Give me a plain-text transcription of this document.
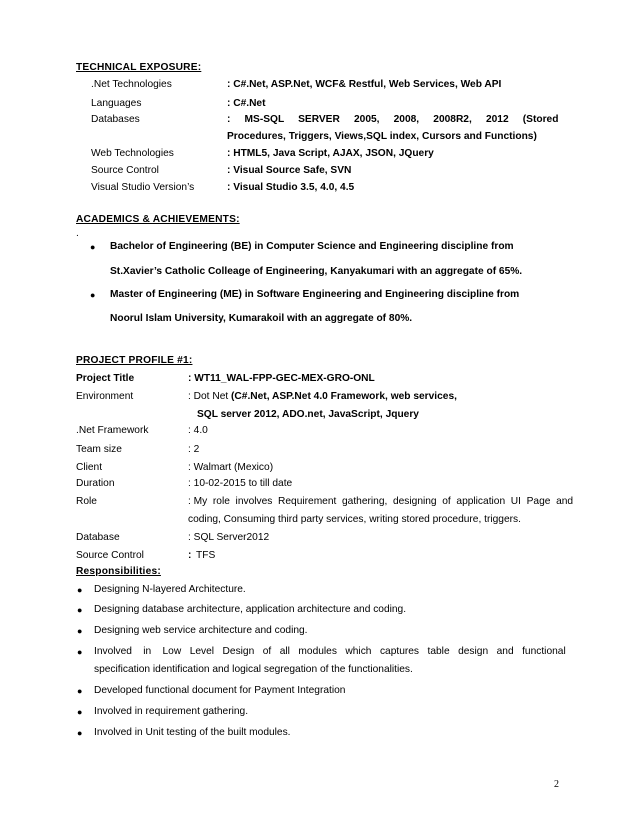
TECHNICAL EXPOSURE:
.Net Technologies	: C#.Net, ASP.Net, WCF& Restful, Web Services, Web API
Languages	: C#.Net
Databases	:     MS-SQL     SERVER     2005,     2008,     2008R2,     2012     (Stored
Procedures, Triggers, Views,SQL index, Cursors and Functions)
Web Technologies	: HTML5, Java Script, AJAX, JSON, JQuery
Source Control	: Visual Source Safe, SVN
Visual Studio Version’s	: Visual Studio 3.5, 4.0, 4.5
ACADEMICS & ACHIEVEMENTS:
.
● Bachelor of Engineering (BE) in Computer Science and Engineering discipline from
St.Xavier’s Catholic Colleage of Engineering, Kanyakumari with an aggregate of 65%.
● Master of Engineering (ME) in Software Engineering and Engineering discipline from
Noorul Islam University, Kumarakoil with an aggregate of 80%.
PROJECT PROFILE #1:
Project Title	: WT11_WAL-FPP-GEC-MEX-GRO-ONL
Environment	: Dot Net (C#.Net, ASP.Net 4.0 Framework, web services,
SQL server 2012, ADO.net, JavaScript, Jquery
.Net Framework	: 4.0
Team size	: 2
Client	: Walmart (Mexico)
Duration	: 10-02-2015 to till date
Role	: My  role  involves  Requirement  gathering,  designing  of  application  UI  Page  and
coding, Consuming third party services, writing stored procedure, triggers.
Database	: SQL Server2012
Source Control	: TFS
Responsibilities:
● Designing N-layered Architecture.
● Designing database architecture, application architecture and coding.
● Designing web service architecture and coding.
● Involved    in    Low   Level   Design   of   all   modules   which   captures   table   design   and   functional
specification identification and logical segregation of the functionalities.
● Developed functional document for Payment Integration
● Involved in requirement gathering.
● Involved in Unit testing of the built modules.
2
